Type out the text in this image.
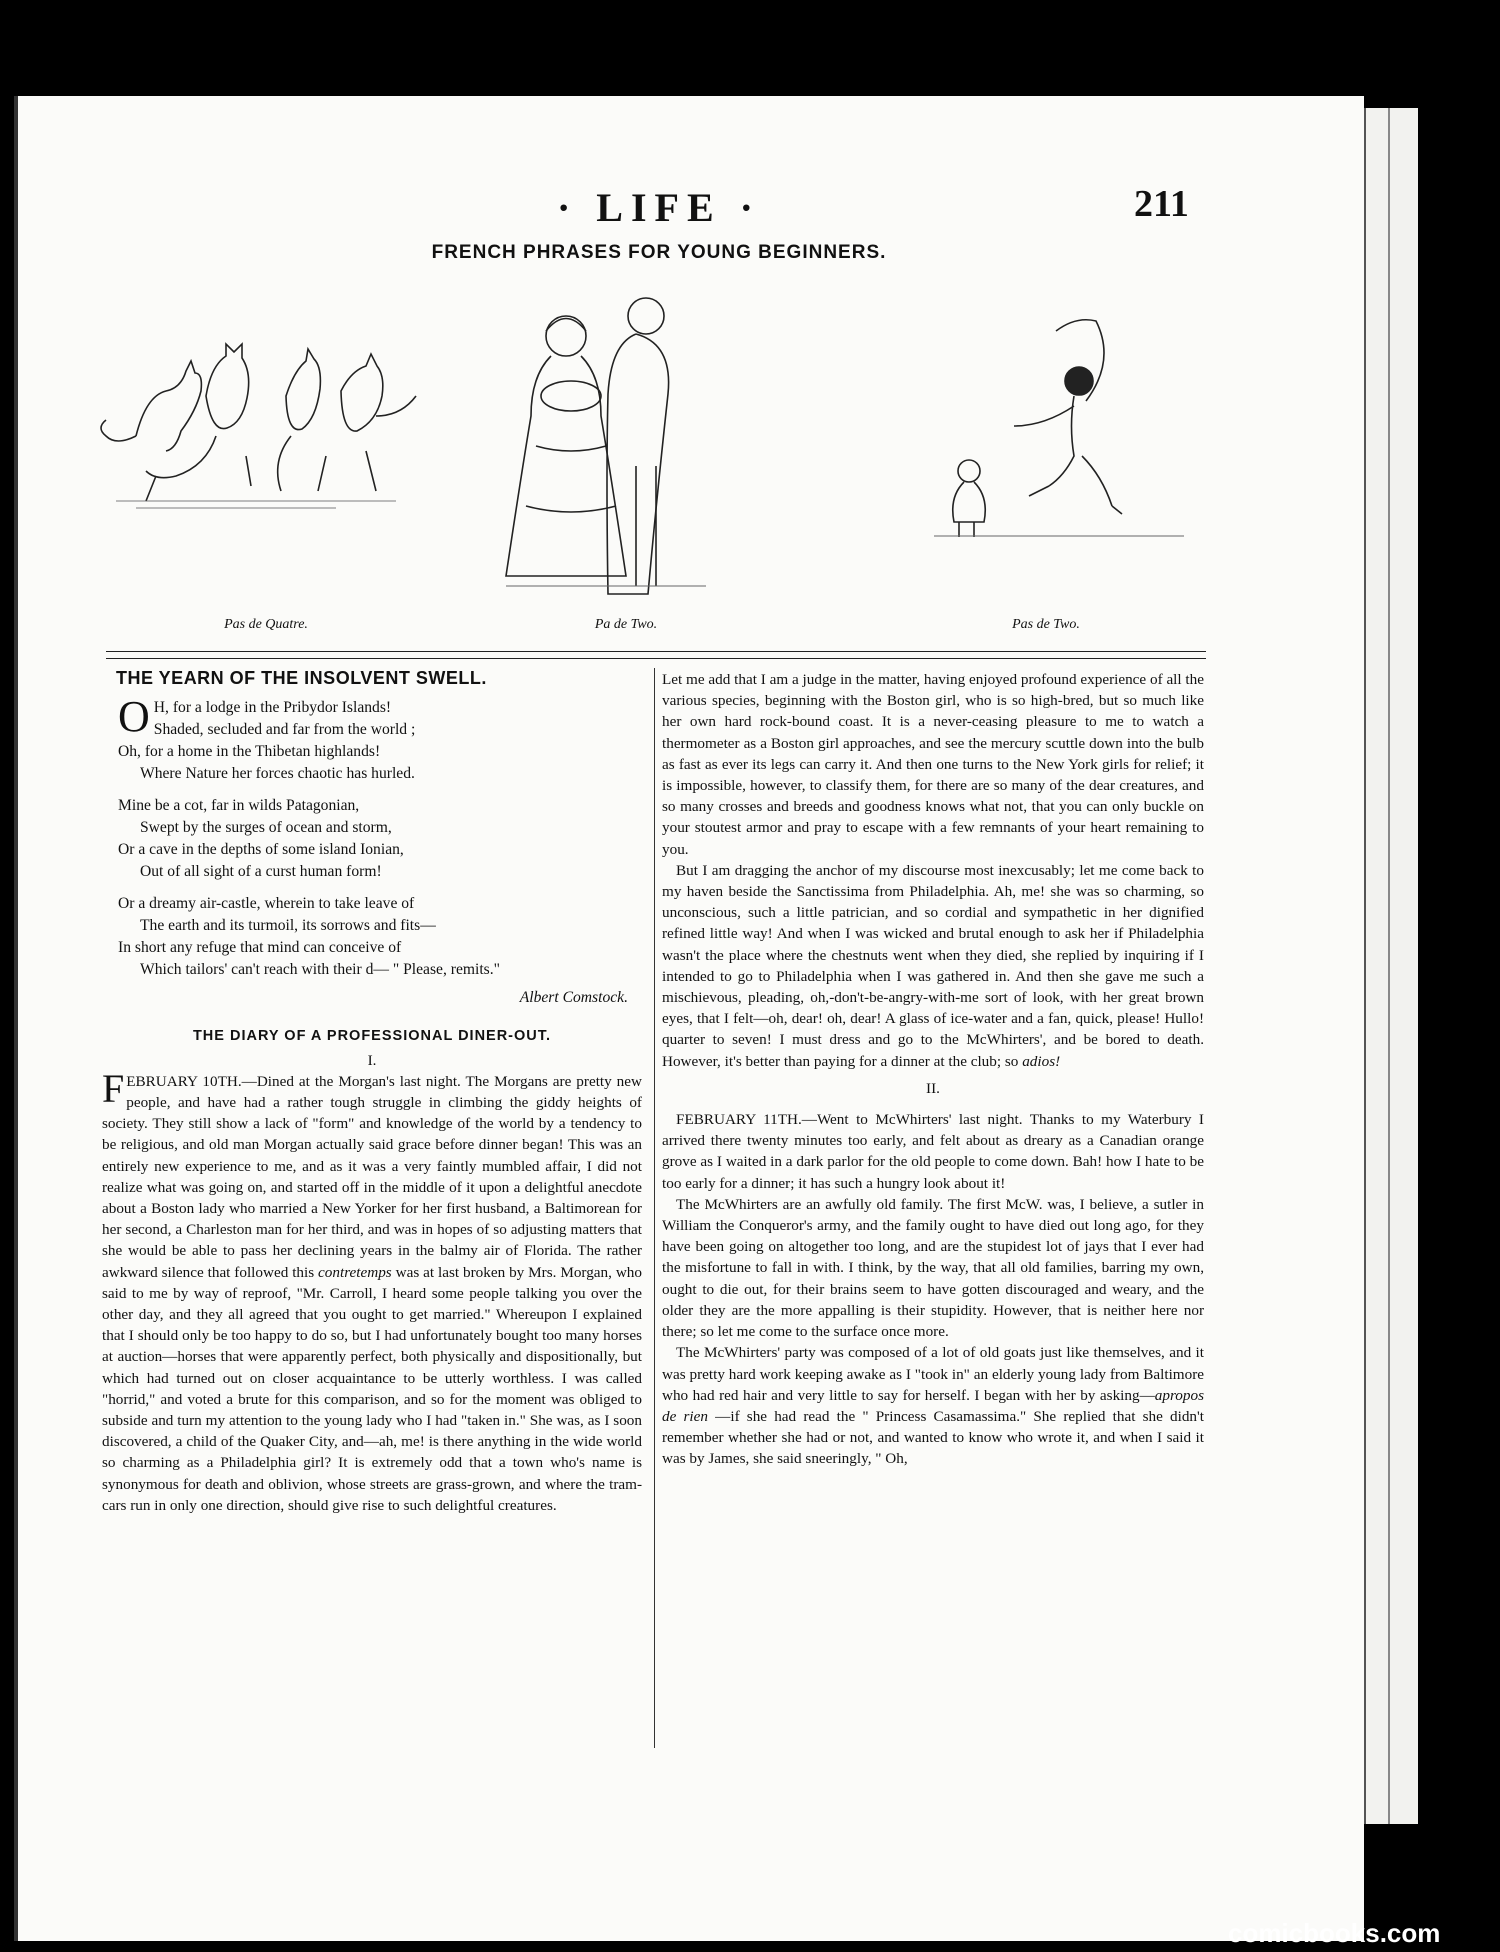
· LIFE ·	211
FRENCH PHRASES FOR YOUNG BEGINNERS.
Pas de Quatre.	Pa de Two.	Pas de Two.
THE YEARN OF THE INSOLVENT SWELL.
O H, for a lodge in the Pribydor Islands!
Shaded, secluded and far from the world ;
Oh, for a home in the Thibetan highlands!
Where Nature her forces chaotic has hurled.
Mine be a cot, far in wilds Patagonian,
Swept by the surges of ocean and storm,
Or a cave in the depths of some island Ionian,
Out of all sight of a curst human form!
Or a dreamy air-castle, wherein to take leave of
The earth and its turmoil, its sorrows and fits—
In short any refuge that mind can conceive of
Which tailors' can't reach with their d— " Please, remits."
Albert Comstock.
THE DIARY OF A PROFESSIONAL DINER-OUT.
I.

FEBRUARY 10TH.—Dined at the Morgan's last night. The Morgans are pretty new people, and have had a rather tough struggle in climbing the giddy heights of society. They still show a lack of "form" and knowledge of the world by a tendency to be religious, and old man Morgan actually said grace before dinner began! This was an entirely new experience to me, and as it was a very faintly mumbled affair, I did not realize what was going on, and started off in the middle of it upon a delightful anecdote about a Boston lady who married a New Yorker for her first husband, a Baltimorean for her second, a Charleston man for her third, and was in hopes of so adjusting matters that she would be able to pass her declining years in the balmy air of Florida. The rather awkward silence that followed this contretemps was at last broken by Mrs. Morgan, who said to me by way of reproof, "Mr. Carroll, I heard some people talking you over the other day, and they all agreed that you ought to get married." Whereupon I explained that I should only be too happy to do so, but I had unfortunately bought too many horses at auction—horses that were apparently perfect, both physically and dispositionally, but which had turned out on closer acquaintance to be utterly worthless. I was called "horrid," and voted a brute for this comparison, and so for the moment was obliged to subside and turn my attention to the young lady who I had "taken in." She was, as I soon discovered, a child of the Quaker City, and—ah, me! is there anything in the wide world so charming as a Philadelphia girl? It is extremely odd that a town who's name is synonymous for death and oblivion, whose streets are grass-grown, and where the tram-cars run in only one direction, should give rise to such delightful creatures.

Let me add that I am a judge in the matter, having enjoyed profound experience of all the various species, beginning with the Boston girl, who is so high-bred, but so much like her own hard rock-bound coast. It is a never-ceasing pleasure to me to watch a thermometer as a Boston girl approaches, and see the mercury scuttle down into the bulb as fast as ever its legs can carry it. And then one turns to the New York girls for relief; it is impossible, however, to classify them, for there are so many of the dear creatures, and so many crosses and breeds and goodness knows what not, that you can only buckle on your stoutest armor and pray to escape with a few remnants of your heart remaining to you.

But I am dragging the anchor of my discourse most inexcusably; let me come back to my haven beside the Sanctissima from Philadelphia. Ah, me! she was so charming, so unconscious, such a little patrician, and so cordial and sympathetic in her dignified refined little way! And when I was wicked and brutal enough to ask her if Philadelphia wasn't the place where the chestnuts went when they died, she replied by inquiring if I intended to go to Philadelphia when I was gathered in. And then she gave me such a mischievous, pleading, oh,-don't-be-angry-with-me sort of look, with her great brown eyes, that I felt—oh, dear! oh, dear! A glass of ice-water and a fan, quick, please! Hullo! quarter to seven! I must dress and go to the McWhirters', and be bored to death. However, it's better than paying for a dinner at the club; so adios!

II.

FEBRUARY 11TH.—Went to McWhirters' last night. Thanks to my Waterbury I arrived there twenty minutes too early, and felt about as dreary as a Canadian orange grove as I waited in a dark parlor for the old people to come down. Bah! how I hate to be too early for a dinner; it has such a hungry look about it!

The McWhirters are an awfully old family. The first McW. was, I believe, a sutler in William the Conqueror's army, and the family ought to have died out long ago, for they have been going on altogether too long, and are the stupidest lot of jays that I ever had the misfortune to fall in with. I think, by the way, that all old families, barring my own, ought to die out, for their brains seem to have gotten discouraged and weary, and the older they are the more appalling is their stupidity. However, that is neither here nor there; so let me come to the surface once more.

The McWhirters' party was composed of a lot of old goats just like themselves, and it was pretty hard work keeping awake as I "took in" an elderly young lady from Baltimore who had red hair and very little to say for herself. I began with her by asking—apropos de rien —if she had read the " Princess Casamassima." She replied that she didn't remember whether she had or not, and wanted to know who wrote it, and when I said it was by James, she said sneeringly, " Oh,

comicbooks.com
